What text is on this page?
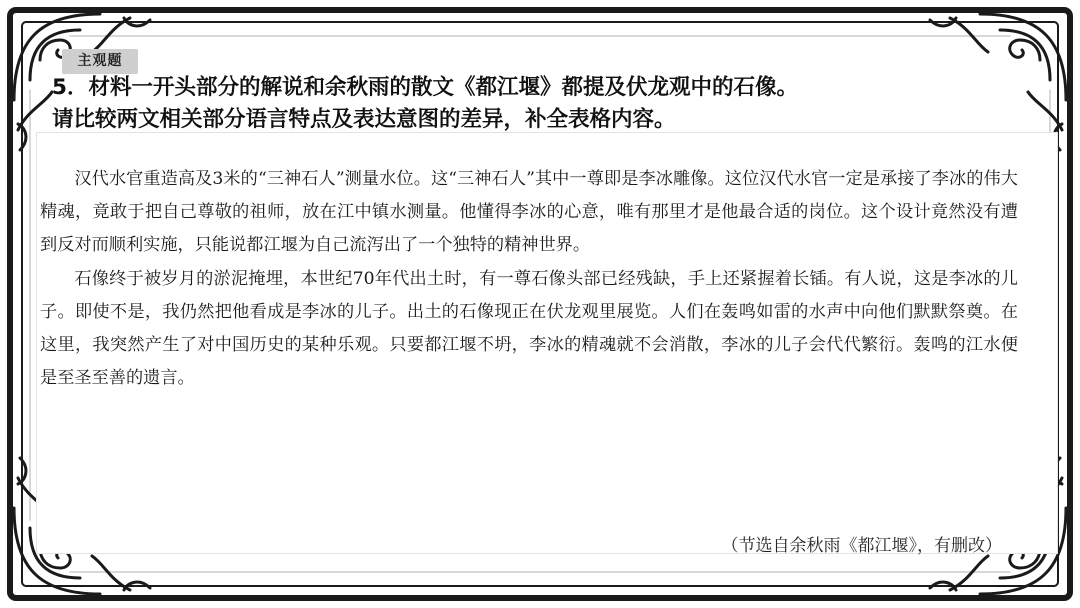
主观题
5．材料一开头部分的解说和余秋雨的散文《都江堰》都提及伏龙观中的石像。
请比较两文相关部分语言特点及表达意图的差异，补全表格内容。

汉代水官重造高及3米的“三神石人”测量水位。这“三神石人”其中一尊即是李冰雕像。这位汉代水官一定是承接了李冰的伟大精魂，竟敢于把自己尊敬的祖师，放在江中镇水测量。他懂得李冰的心意，唯有那里才是他最合适的岗位。这个设计竟然没有遭到反对而顺利实施，只能说都江堰为自己流泻出了一个独特的精神世界。

石像终于被岁月的淤泥掩埋，本世纪70年代出土时，有一尊石像头部已经残缺，手上还紧握着长锸。有人说，这是李冰的儿子。即使不是，我仍然把他看成是李冰的儿子。出土的石像现正在伏龙观里展览。人们在轰鸣如雷的水声中向他们默默祭奠。在这里，我突然产生了对中国历史的某种乐观。只要都江堰不坍，李冰的精魂就不会消散，李冰的儿子会代代繁衍。轰鸣的江水便是至圣至善的遗言。

（节选自余秋雨《都江堰》，有删改）
